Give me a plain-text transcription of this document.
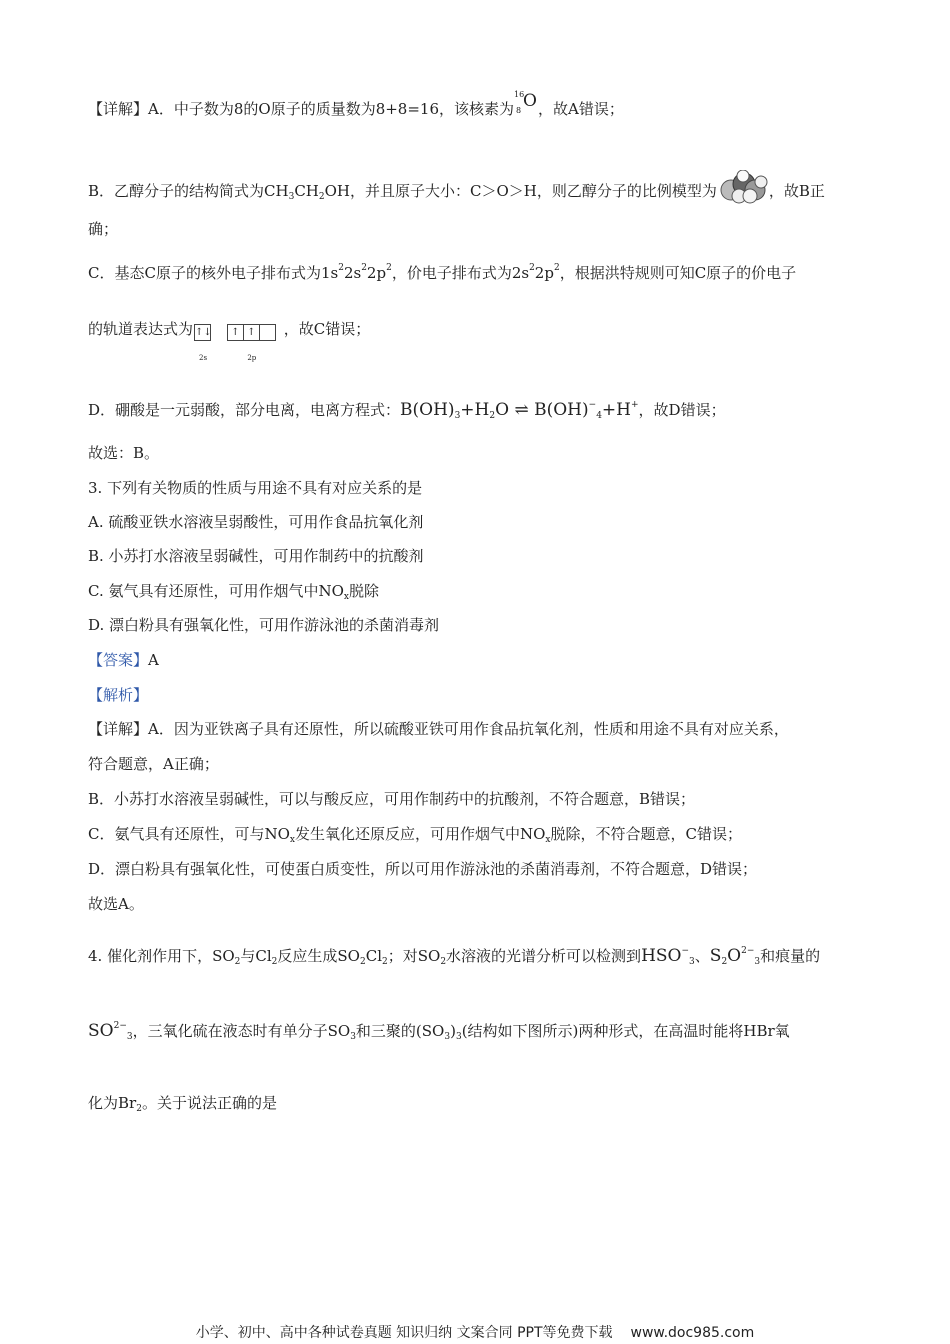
【详解】A．中子数为8的O原子的质量数为8+8=16，该核素为
16
8 O ，故A错误；
B．乙醇分子的结构简式为$CH_3CH_2OH$，并且原子大小：C＞O＞H，则乙醇分子的比例模型为	，故B正
确；
C．基态C原子的核外电子排布式为$1s^22s^22p^2$，价电子排布式为$2s^22p^2$，根据洪特规则可知C原子的价电子
的轨道表达式为 ↑↓
2s
↑ ↑
2p
，故C错误；
D．硼酸是一元弱酸，部分电离，电离方程式：$B(OH)_3+H_2O$ ⇌ $B(OH)^-_4+H^+$，故D错误；
故选：B。
3. 下列有关物质的性质与用途不具有对应关系的是
A. 硫酸亚铁水溶液呈弱酸性，可用作食品抗氧化剂
B. 小苏打水溶液呈弱碱性，可用作制药中的抗酸剂
C. 氨气具有还原性，可用作烟气中$NO_x$脱除
D. 漂白粉具有强氧化性，可用作游泳池的杀菌消毒剂
【答案】A
【解析】
【详解】A．因为亚铁离子具有还原性，所以硫酸亚铁可用作食品抗氧化剂，性质和用途不具有对应关系，
符合题意，A正确；
B．小苏打水溶液呈弱碱性，可以与酸反应，可用作制药中的抗酸剂，不符合题意，B错误；
C．氨气具有还原性，可与$NO_x$发生氧化还原反应，可用作烟气中$NO_x$脱除，不符合题意，C错误；
D．漂白粉具有强氧化性，可使蛋白质变性，所以可用作游泳池的杀菌消毒剂，不符合题意，D错误；
故选A。
4. 催化剂作用下，$SO_2$与$Cl_2$反应生成$SO_2Cl_2$；对$SO_2$水溶液的光谱分析可以检测到$HSO^-_3$、$S_2O^{2-}_3$和痕量的
$SO^{2-}_3$，三氧化硫在液态时有单分子$SO_3$和三聚的$(SO_3)_3$(结构如下图所示)两种形式，在高温时能将HBr氧
化为$Br_2$。关于说法正确的是
小学、初中、高中各种试卷真题 知识归纳 文案合同 PPT等免费下载 www.doc985.com
